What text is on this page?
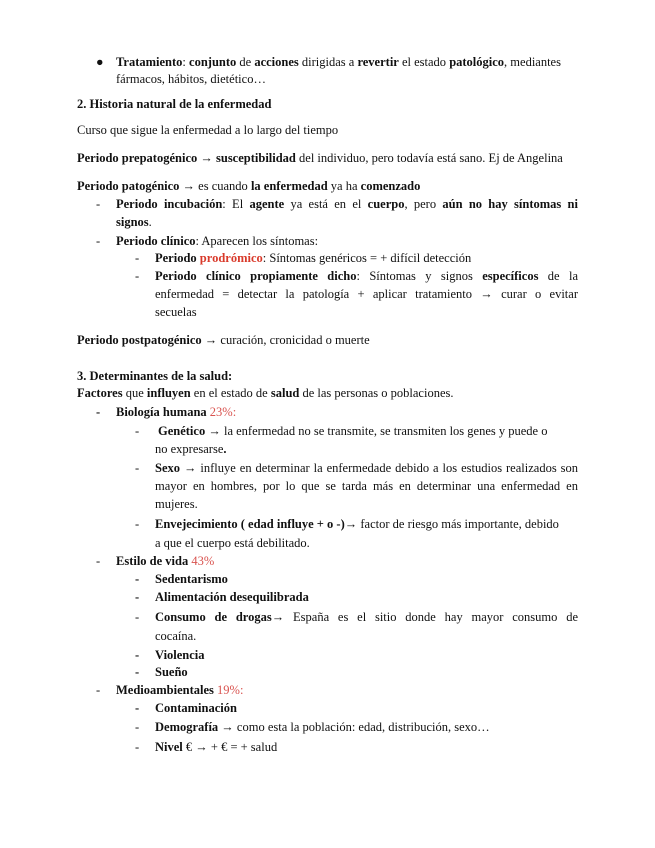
● Tratamiento: conjunto de acciones dirigidas a revertir el estado patológico, mediantes
fármacos, hábitos, dietético…
2. Historia natural de la enfermedad
Curso que sigue la enfermedad a lo largo del tiempo
Periodo prepatogénico → susceptibilidad del individuo, pero todavía está sano. Ej de Angelina
Periodo patogénico → es cuando la enfermedad ya ha comenzado
- Periodo incubación: El agente ya está en el cuerpo, pero aún no hay síntomas ni
signos.
- Periodo clínico: Aparecen los síntomas:
- Periodo prodrómico: Síntomas genéricos = + difícil detección
- Periodo clínico propiamente dicho: Síntomas y signos específicos de la
enfermedad = detectar la patología + aplicar tratamiento → curar o evitar
secuelas
Periodo postpatogénico → curación, cronicidad o muerte
3. Determinantes de la salud:
Factores que influyen en el estado de salud de las personas o poblaciones.
- Biología humana 23%:
- Genético → la enfermedad no se transmite, se transmiten los genes y puede o
no expresarse.
- Sexo → influye en determinar la enfermedade debido a los estudios realizados son
mayor en hombres, por lo que se tarda más en determinar una enfermedad en
mujeres.
- Envejecimiento ( edad influye + o -)→ factor de riesgo más importante, debido
a que el cuerpo está debilitado.
- Estilo de vida 43%
- Sedentarismo
- Alimentación desequilibrada
- Consumo de drogas→ España es el sitio donde hay mayor consumo de
cocaína.
- Violencia
- Sueño
- Medioambientales 19%:
- Contaminación
- Demografía → como esta la población: edad, distribución, sexo…
- Nivel € → + € = + salud
